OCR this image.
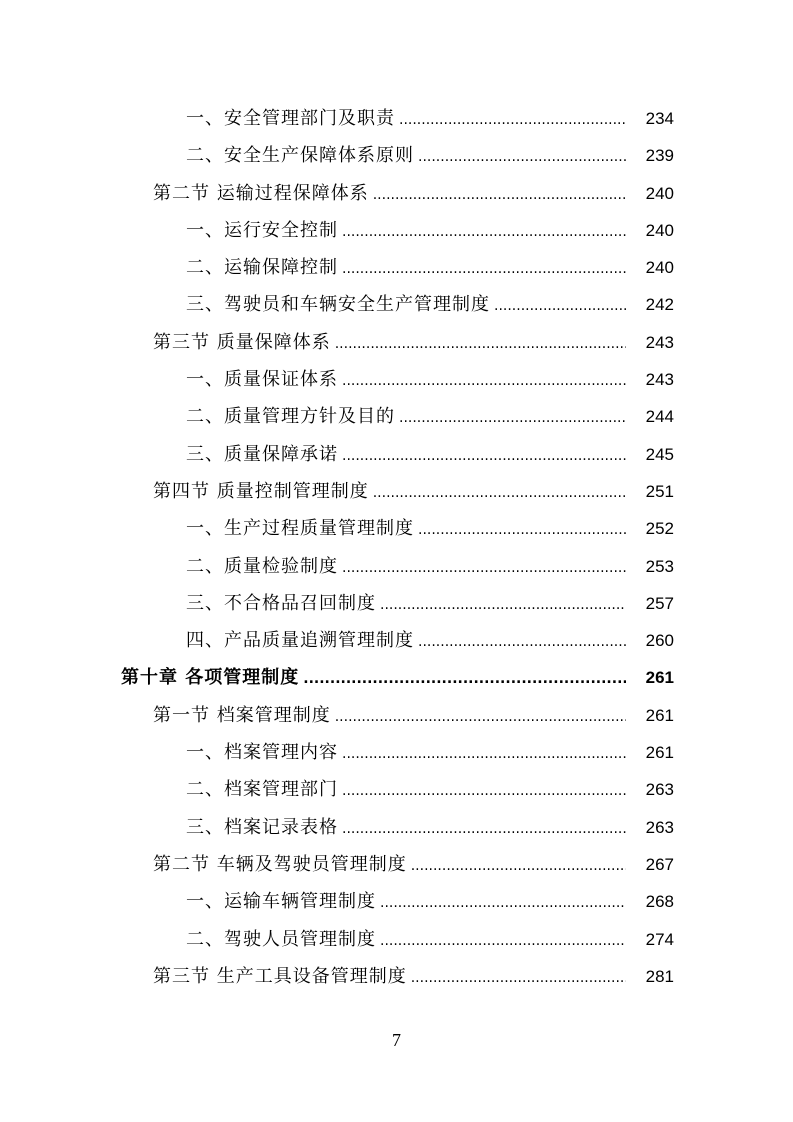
一、安全管理部门及职责 .....	234
二、安全生产保障体系原则 .....	239
第二节 运输过程保障体系 .....	240
一、运行安全控制 .....	240
二、运输保障控制 .....	240
三、驾驶员和车辆安全生产管理制度 .....	242
第三节 质量保障体系 .....	243
一、质量保证体系 .....	243
二、质量管理方针及目的 .....	244
三、质量保障承诺 .....	245
第四节 质量控制管理制度 .....	251
一、生产过程质量管理制度 .....	252
二、质量检验制度 .....	253
三、不合格品召回制度 .....	257
四、产品质量追溯管理制度 .....	260
第十章 各项管理制度 .....	261
第一节 档案管理制度 .....	261
一、档案管理内容 .....	261
二、档案管理部门 .....	263
三、档案记录表格 .....	263
第二节 车辆及驾驶员管理制度 .....	267
一、运输车辆管理制度 .....	268
二、驾驶人员管理制度 .....	274
第三节 生产工具设备管理制度 .....	281
7
